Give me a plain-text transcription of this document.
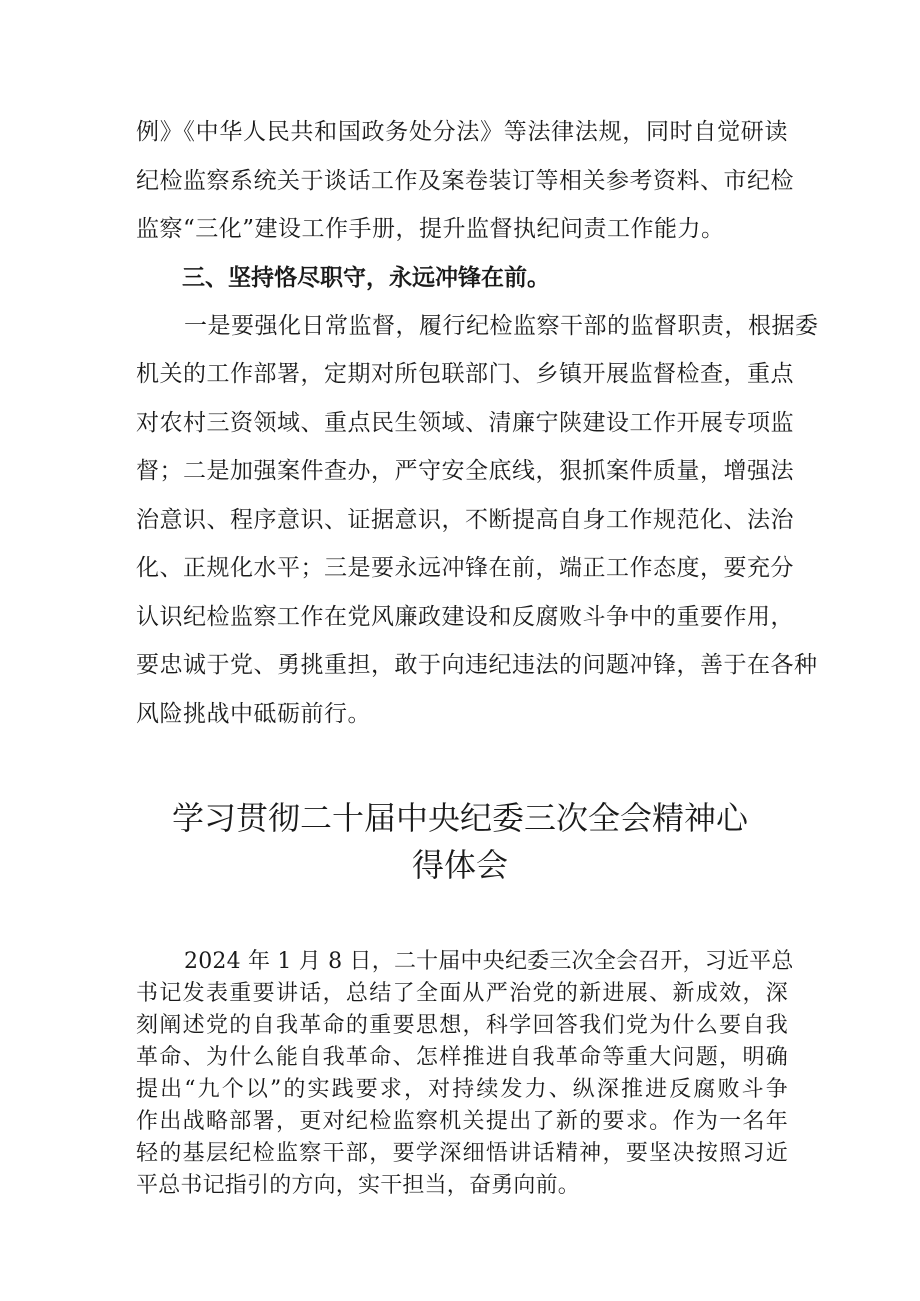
例》《中华人民共和国政务处分法》等法律法规，同时自觉研读
纪检监察系统关于谈话工作及案卷装订等相关参考资料、市纪检
监察“三化”建设工作手册，提升监督执纪问责工作能力。
三、坚持恪尽职守，永远冲锋在前。
一是要强化日常监督，履行纪检监察干部的监督职责，根据委
机关的工作部署，定期对所包联部门、乡镇开展监督检查，重点
对农村三资领域、重点民生领域、清廉宁陕建设工作开展专项监
督；二是加强案件查办，严守安全底线，狠抓案件质量，增强法
治意识、程序意识、证据意识，不断提高自身工作规范化、法治
化、正规化水平；三是要永远冲锋在前，端正工作态度，要充分
认识纪检监察工作在党风廉政建设和反腐败斗争中的重要作用，
要忠诚于党、勇挑重担，敢于向违纪违法的问题冲锋，善于在各种
风险挑战中砥砺前行。
学习贯彻二十届中央纪委三次全会精神心
得体会
2024 年 1 月 8 日，二十届中央纪委三次全会召开，习近平总
书记发表重要讲话，总结了全面从严治党的新进展、新成效，深
刻阐述党的自我革命的重要思想，科学回答我们党为什么要自我
革命、为什么能自我革命、怎样推进自我革命等重大问题，明确
提出“九个以”的实践要求，对持续发力、纵深推进反腐败斗争
作出战略部署，更对纪检监察机关提出了新的要求。作为一名年
轻的基层纪检监察干部，要学深细悟讲话精神，要坚决按照习近
平总书记指引的方向，实干担当，奋勇向前。
